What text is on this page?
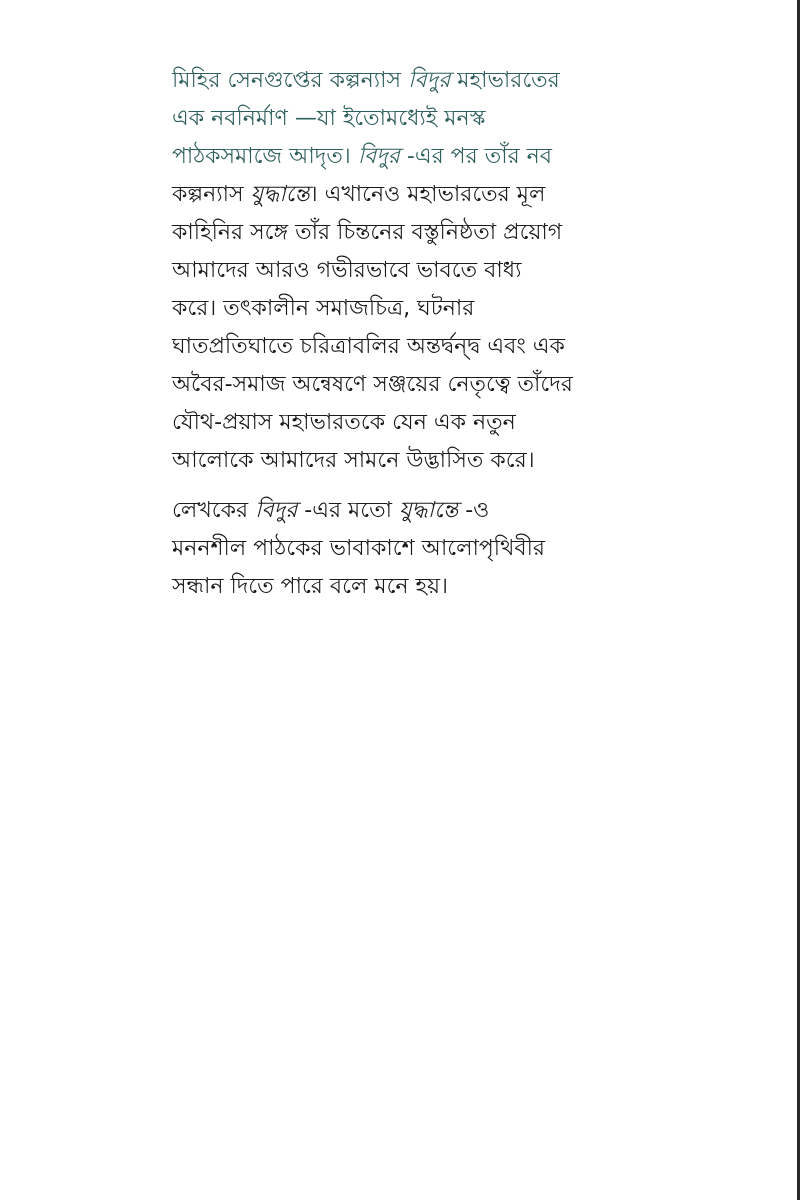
মিহির সেনগুপ্তের কল্পন্যাস বিদুর মহাভারতের
এক নবনির্মাণ —যা ইতোমধ্যেই মনস্ক
পাঠকসমাজে আদৃত। বিদুর -এর পর তাঁর নব
কল্পন্যাস যুদ্ধান্তে। এখানেও মহাভারতের মূল
কাহিনির সঙ্গে তাঁর চিন্তনের বস্তুনিষ্ঠতা প্রয়োগ
আমাদের আরও গভীরভাবে ভাবতে বাধ্য
করে। তৎকালীন সমাজচিত্র, ঘটনার
ঘাতপ্রতিঘাতে চরিত্রাবলির অন্তর্দ্বন্দ্ব এবং এক
অবৈর-সমাজ অন্বেষণে সঞ্জয়ের নেতৃত্বে তাঁদের
যৌথ-প্রয়াস মহাভারতকে যেন এক নতুন
আলোকে আমাদের সামনে উদ্ভাসিত করে।

লেখকের বিদুর -এর মতো যুদ্ধান্তে -ও
মননশীল পাঠকের ভাবাকাশে আলোপৃথিবীর
সন্ধান দিতে পারে বলে মনে হয়।
